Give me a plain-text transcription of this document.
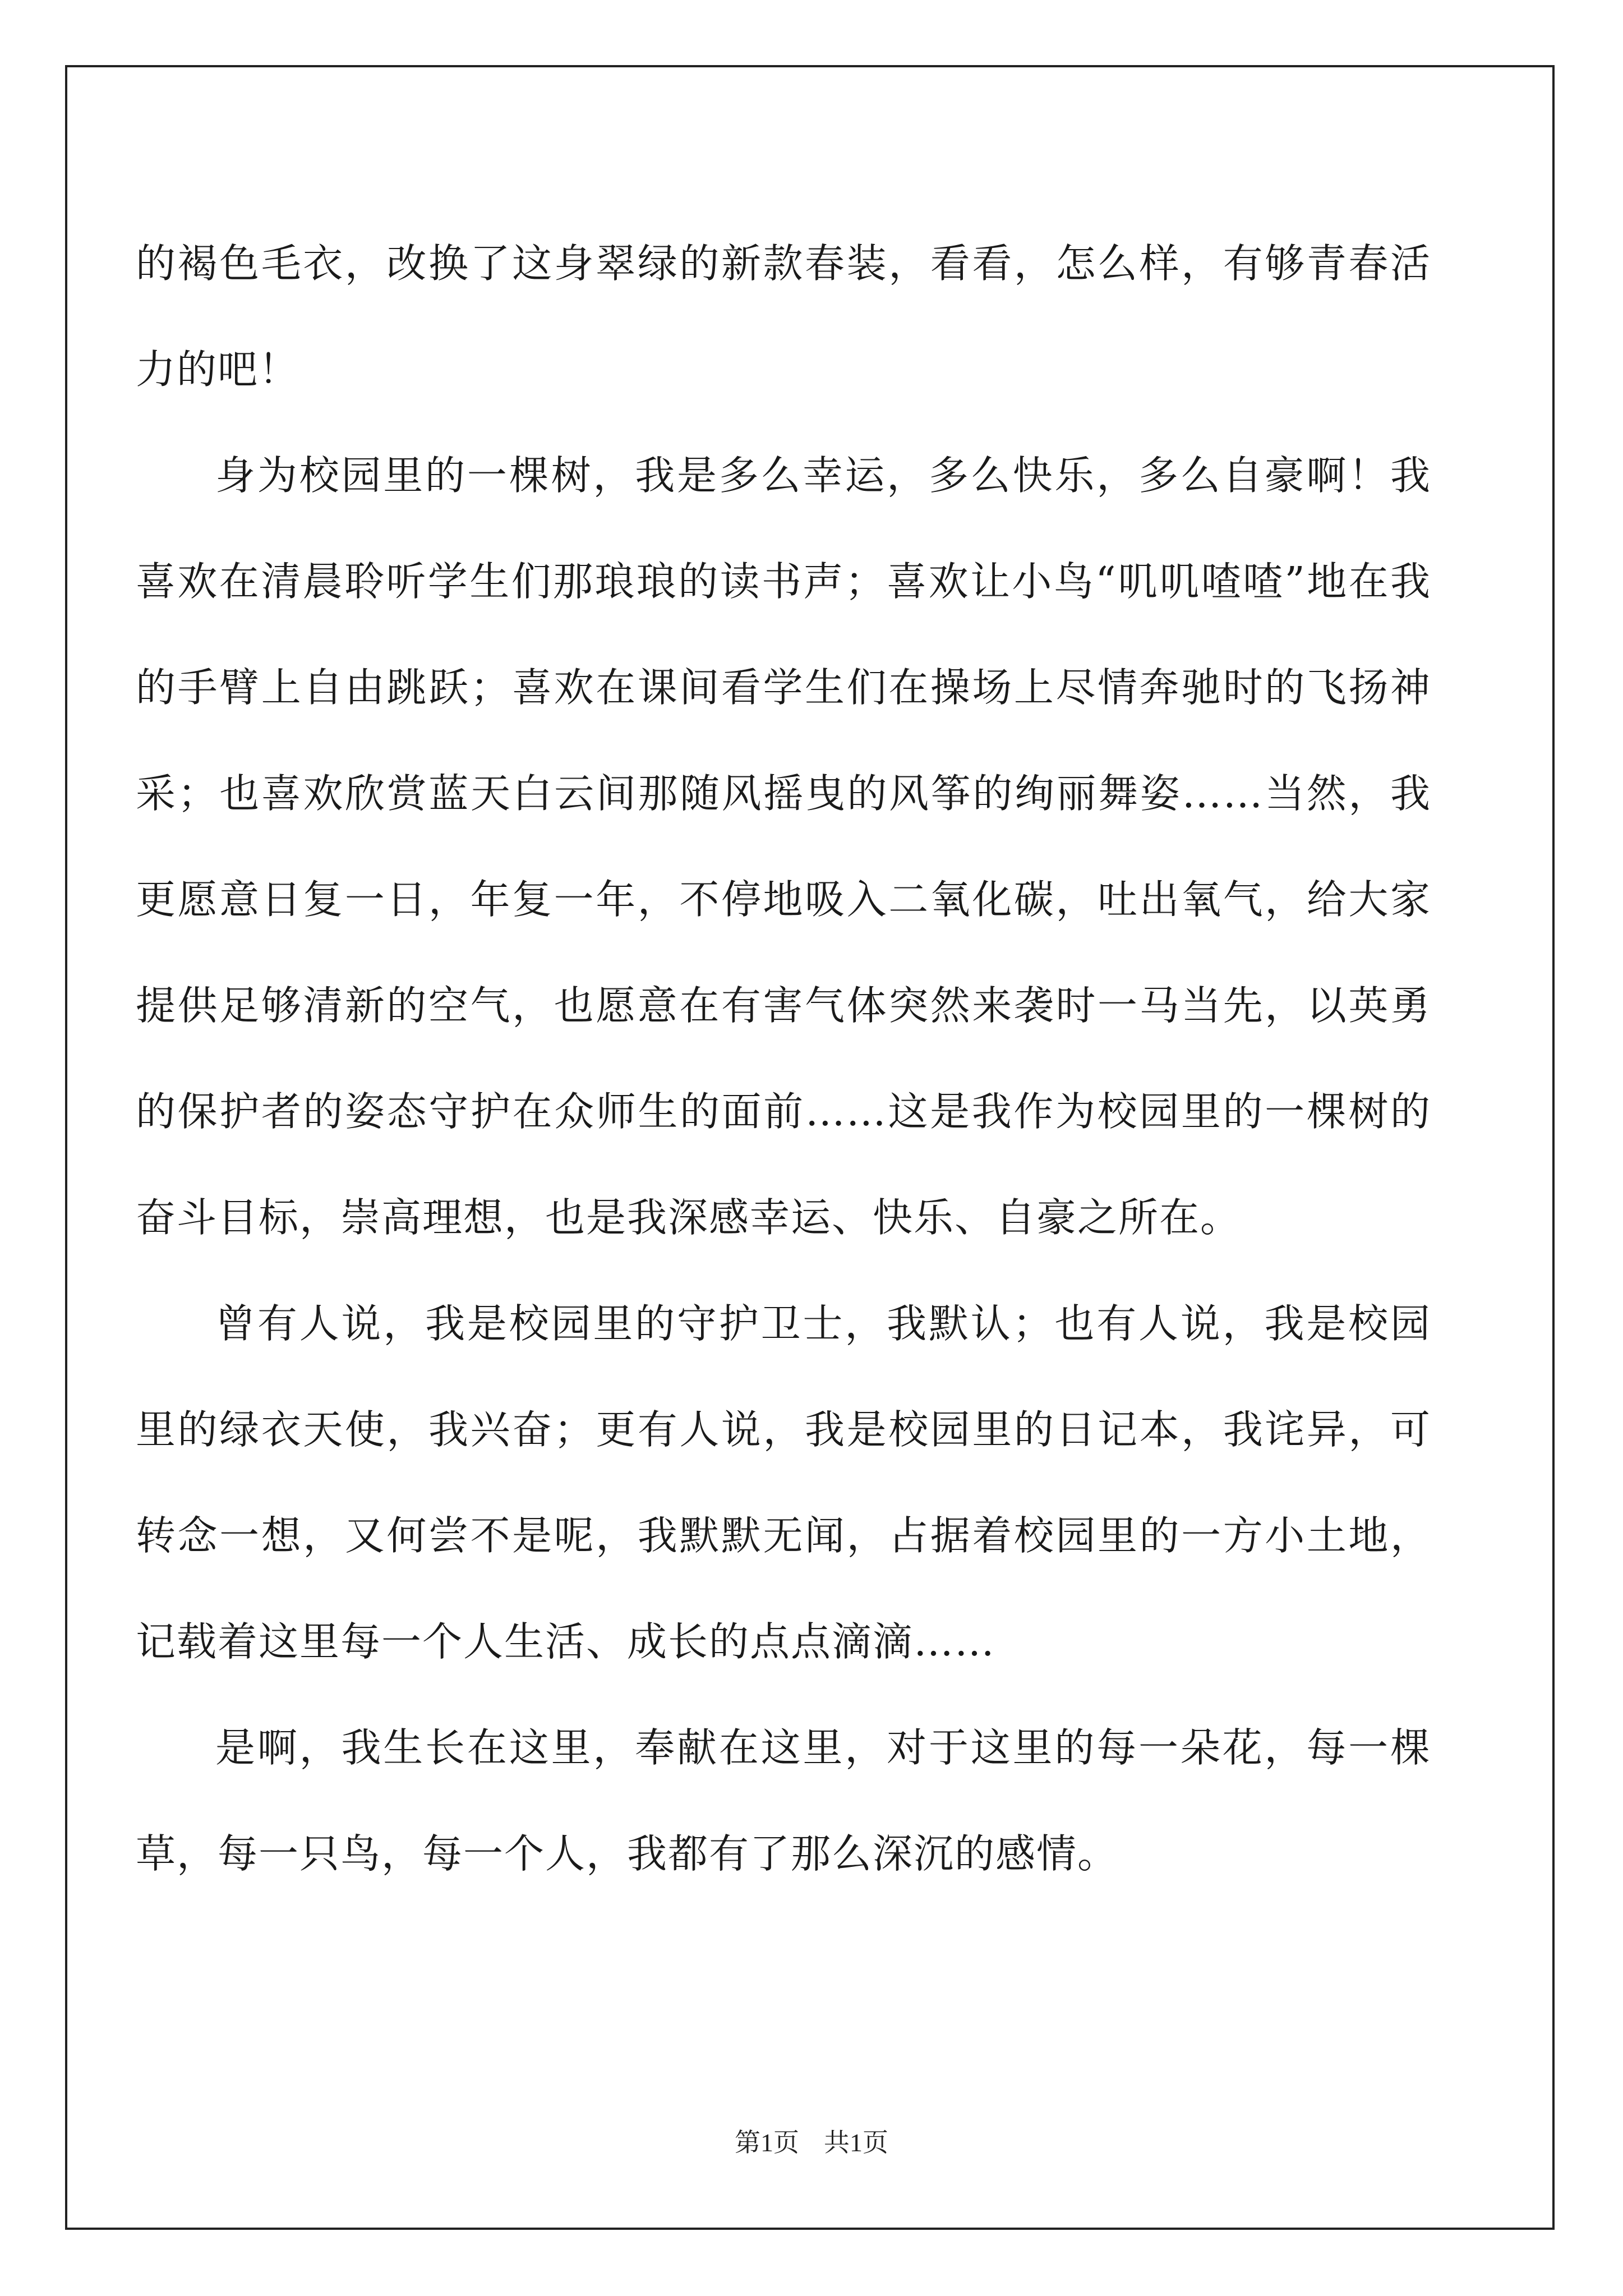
的褐色毛衣，改换了这身翠绿的新款春装，看看，怎么样，有够青春活力的吧！

身为校园里的一棵树，我是多么幸运，多么快乐，多么自豪啊！我喜欢在清晨聆听学生们那琅琅的读书声；喜欢让小鸟“叽叽喳喳”地在我的手臂上自由跳跃；喜欢在课间看学生们在操场上尽情奔驰时的飞扬神采；也喜欢欣赏蓝天白云间那随风摇曳的风筝的绚丽舞姿……当然，我更愿意日复一日，年复一年，不停地吸入二氧化碳，吐出氧气，给大家提供足够清新的空气，也愿意在有害气体突然来袭时一马当先，以英勇的保护者的姿态守护在众师生的面前……这是我作为校园里的一棵树的奋斗目标，崇高理想，也是我深感幸运、快乐、自豪之所在。

曾有人说，我是校园里的守护卫士，我默认；也有人说，我是校园里的绿衣天使，我兴奋；更有人说，我是校园里的日记本，我诧异，可转念一想，又何尝不是呢，我默默无闻，占据着校园里的一方小土地，记载着这里每一个人生活、成长的点点滴滴……

是啊，我生长在这里，奉献在这里，对于这里的每一朵花，每一棵草，每一只鸟，每一个人，我都有了那么深沉的感情。

第1页 共1页
